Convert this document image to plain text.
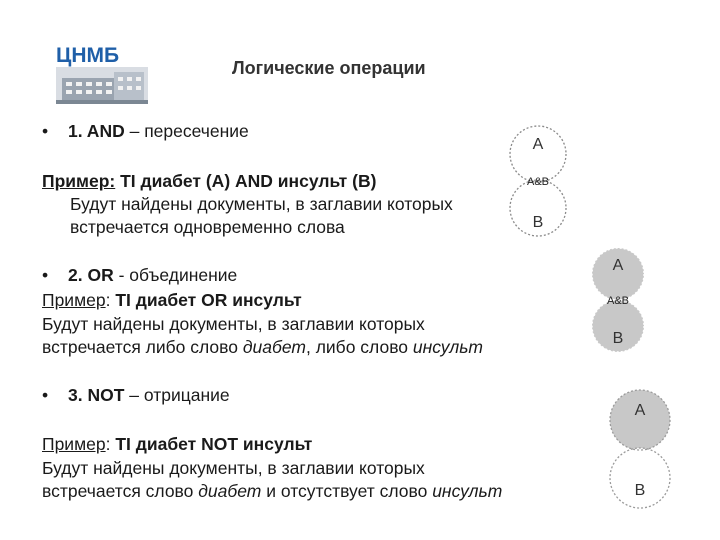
ЦНМБ
Логические операции
• 1. AND – пересечение
Пример: TI диабет (A) AND инсульт (B)
Будут найдены документы, в заглавии которых
встречается одновременно слова
• 2. OR - объединение
Пример: TI диабет OR инсульт
Будут найдены документы, в заглавии которых
встречается либо слово диабет, либо слово инсульт
• 3. NOT – отрицание
Пример: TI диабет NOT инсульт
Будут найдены документы, в заглавии которых
встречается слово диабет и отсутствует слово инсульт
A
A&B
B
A
A&B
B
A
B
